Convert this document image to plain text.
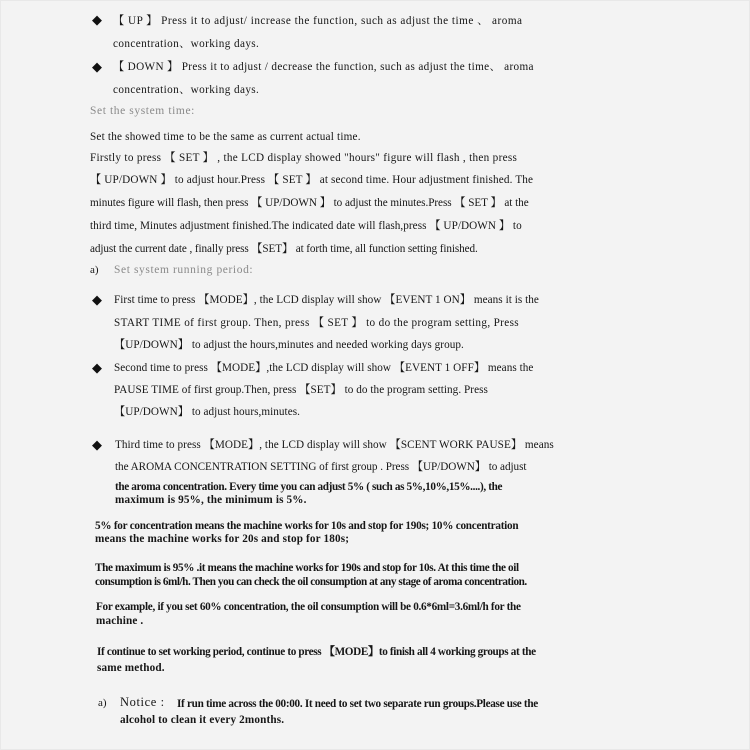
◆ 【 UP 】 Press it to adjust/ increase the function, such as adjust the time 、 aroma
concentration、working days.
◆ 【 DOWN 】 Press it to adjust / decrease the function, such as adjust the time、 aroma
concentration、working days.
Set the system time:
Set the showed time to be the same as current actual time.
Firstly to press 【 SET 】 , the LCD display showed "hours" figure will flash , then press
【 UP/DOWN 】 to adjust hour.Press 【 SET 】 at second time. Hour adjustment finished. The
minutes figure will flash, then press 【 UP/DOWN 】 to adjust the minutes.Press 【 SET 】 at the
third time, Minutes adjustment finished.The indicated date will flash,press 【 UP/DOWN 】 to
adjust the current date , finally press 【SET】 at forth time, all function setting finished.
a) Set system running period:
◆ First time to press 【MODE】, the LCD display will show 【EVENT 1 ON】 means it is the
START TIME of first group. Then, press 【 SET 】 to do the program setting, Press
【UP/DOWN】 to adjust the hours,minutes and needed working days group.
◆ Second time to press 【MODE】,the LCD display will show 【EVENT 1 OFF】 means the
PAUSE TIME of first group.Then, press 【SET】 to do the program setting. Press
【UP/DOWN】 to adjust hours,minutes.
◆ Third time to press 【MODE】, the LCD display will show 【SCENT WORK PAUSE】 means
the AROMA CONCENTRATION SETTING of first group . Press 【UP/DOWN】 to adjust
the aroma concentration. Every time you can adjust 5% ( such as 5%,10%,15%....), the
maximum is 95%, the minimum is 5%.
5% for concentration means the machine works for 10s and stop for 190s; 10% concentration
means the machine works for 20s and stop for 180s;
The maximum is 95% .it means the machine works for 190s and stop for 10s. At this time the oil
consumption is 6ml/h. Then you can check the oil consumption at any stage of aroma concentration.
For example, if you set 60% concentration, the oil consumption will be 0.6*6ml=3.6ml/h for the
machine .
If continue to set working period, continue to press 【MODE】to finish all 4 working groups at the
same method.
a) Notice : If run time across the 00:00. It need to set two separate run groups.Please use the
alcohol to clean it every 2months.
